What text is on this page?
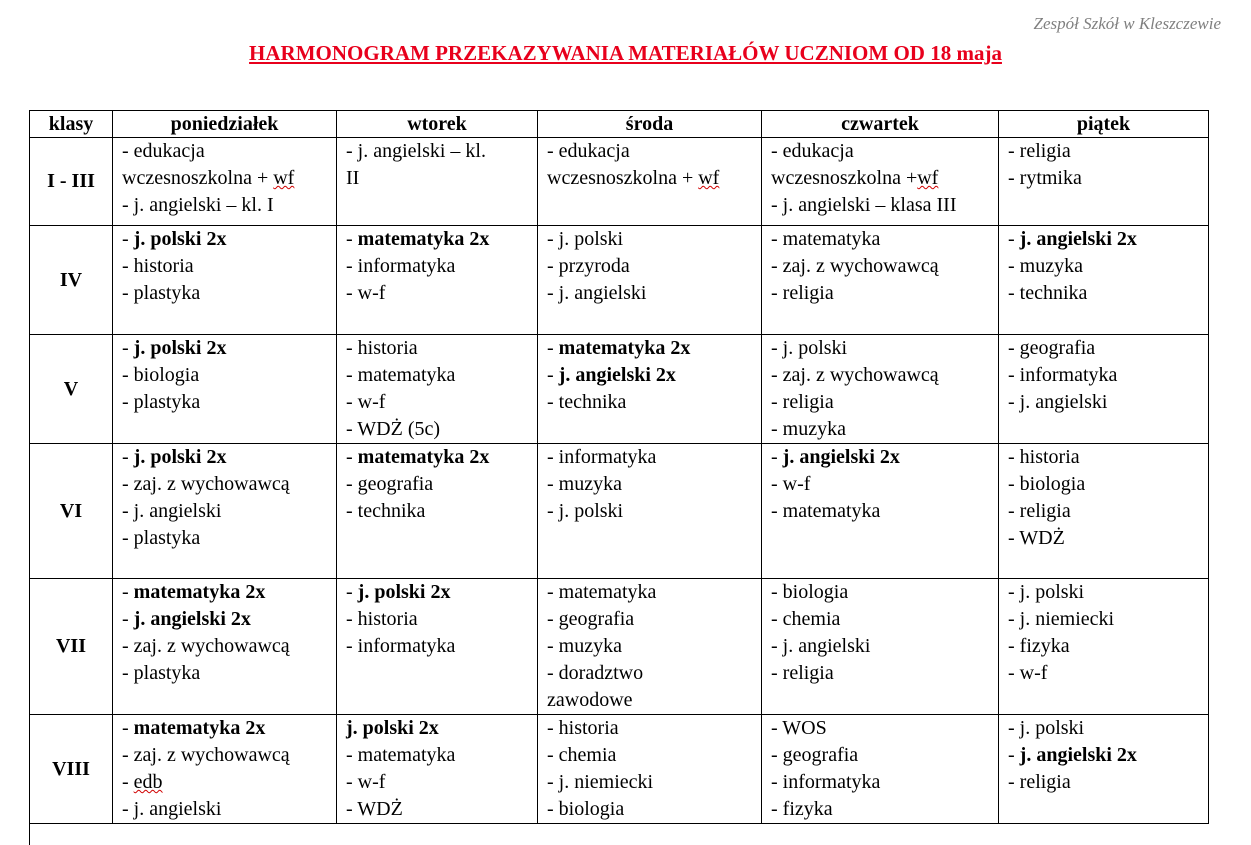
Zespół Szkół w Kleszczewie
HARMONOGRAM PRZEKAZYWANIA MATERIAŁÓW UCZNIOM OD 18 maja
klasy	poniedziałek	wtorek	środa	czwartek	piątek
I - III	- edukacja
wczesnoszkolna + wf
- j. angielski – kl. I	- j. angielski – kl.
II	- edukacja
wczesnoszkolna + wf	- edukacja
wczesnoszkolna +wf
- j. angielski – klasa III	- religia
- rytmika

IV	- j. polski 2x
- historia
- plastyka	- matematyka 2x
- informatyka
- w-f	- j. polski
- przyroda
- j. angielski	- matematyka
- zaj. z wychowawcą
- religia	- j. angielski 2x
- muzyka
- technika

V	- j. polski 2x
- biologia
- plastyka	- historia
- matematyka
- w-f
- WDŻ (5c)	- matematyka 2x
- j. angielski 2x
- technika	- j. polski
- zaj. z wychowawcą
- religia
- muzyka	- geografia
- informatyka
- j. angielski

VI	- j. polski 2x
- zaj. z wychowawcą
- j. angielski
- plastyka	- matematyka 2x
- geografia
- technika	- informatyka
- muzyka
- j. polski	- j. angielski 2x
- w-f
- matematyka	- historia
- biologia
- religia
- WDŻ

VII	- matematyka 2x
- j. angielski 2x
- zaj. z wychowawcą
- plastyka	- j. polski 2x
- historia
- informatyka	- matematyka
- geografia
- muzyka
- doradztwo
zawodowe	- biologia
- chemia
- j. angielski
- religia	- j. polski
- j. niemiecki
- fizyka
- w-f

VIII	- matematyka 2x
- zaj. z wychowawcą
- edb
- j. angielski	j. polski 2x
- matematyka
- w-f
- WDŻ	- historia
- chemia
- j. niemiecki
- biologia	- WOS
- geografia
- informatyka
- fizyka	- j. polski
- j. angielski 2x
- religia
